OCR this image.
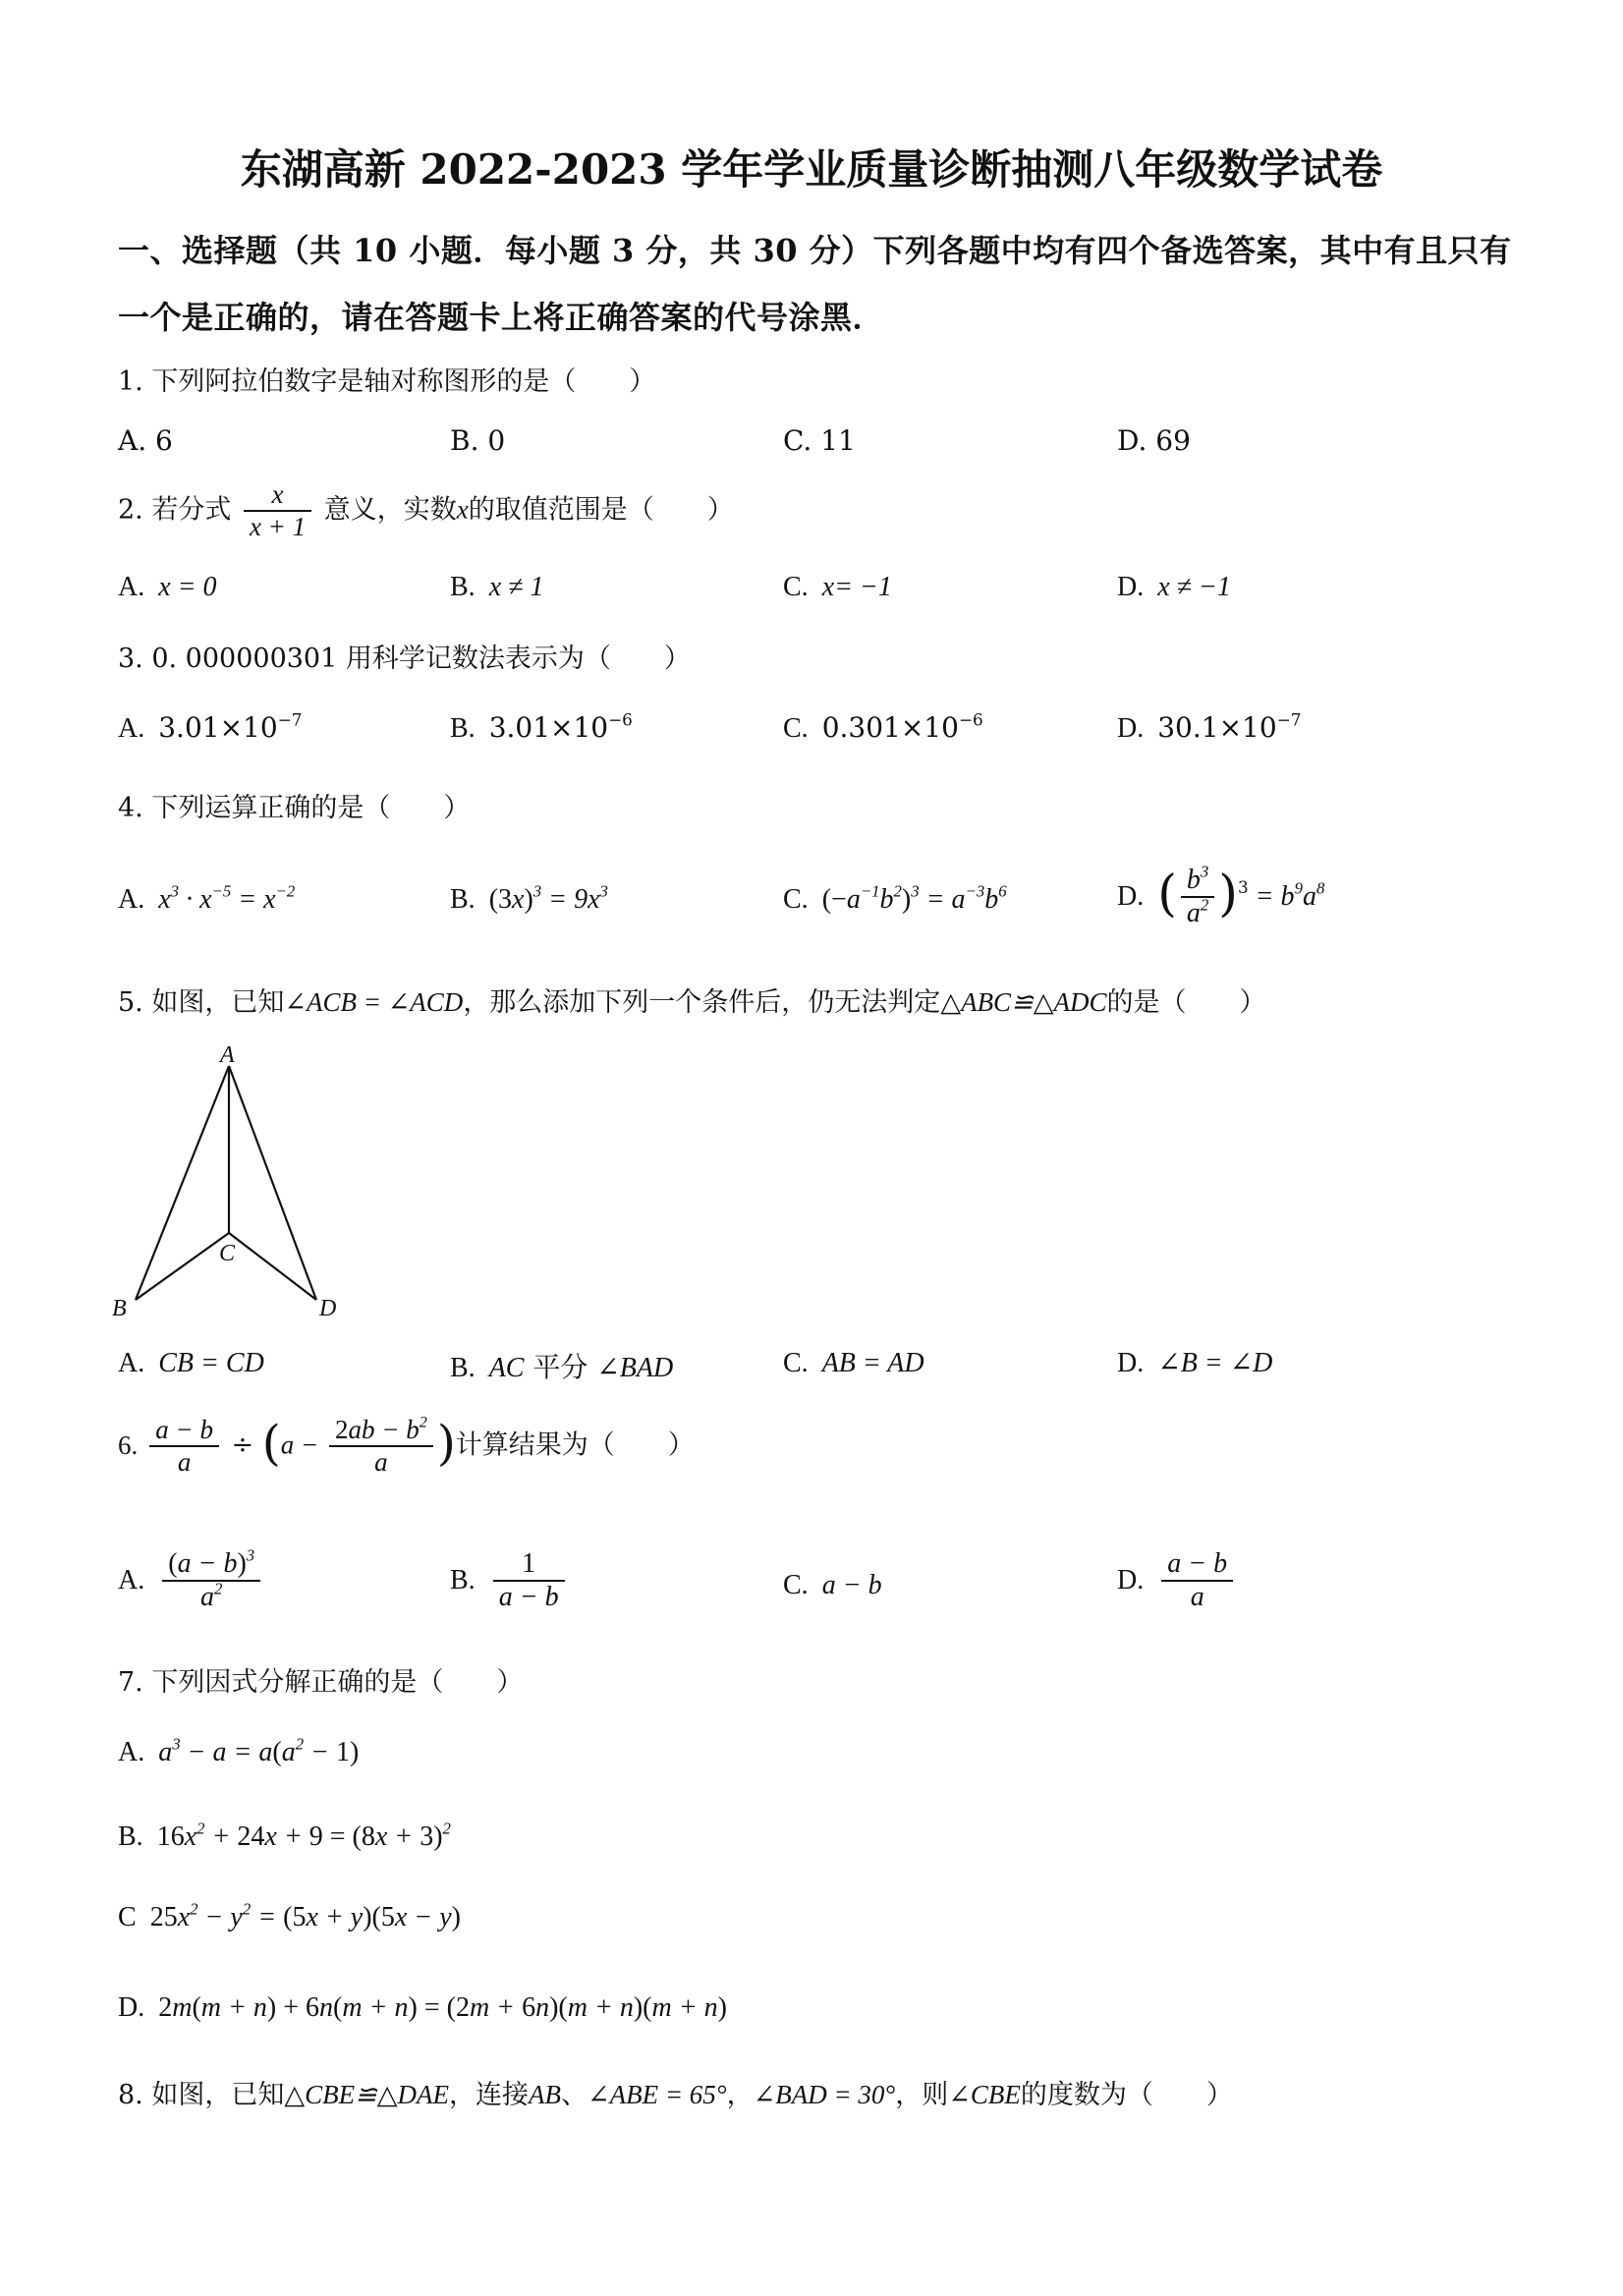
东湖高新 2022-2023 学年学业质量诊断抽测八年级数学试卷
一、选择题（共 10 小题．每小题 3 分，共 30 分）下列各题中均有四个备选答案，其中有且只有
一个是正确的，请在答题卡上将正确答案的代号涂黑．
1. 下列阿拉伯数字是轴对称图形的是（　　）
A. 6	B. 0	C. 11	D. 69
2. 若分式 $\frac{x}{x + 1}$ 意义，实数x的取值范围是（　　）
A. x = 0	B. x ≠ 1	C. x= −1	D. x ≠ −1
3. 0. 000000301 用科学记数法表示为（　　）
A. $3.01\times 10^{-7}$	B. $3.01\times 10^{-6}$	C. $0.301\times 10^{-6}$	D. $30.1\times 10^{-7}$
4. 下列运算正确的是（　　）
A. $x^3 \cdot x^{-5} = x^{-2}$	B. $(3x)^3 = 9x^3$	C. $(-a^{-1}b^2)^3 = a^{-3}b^6$	D. ( $\frac{b^3}{a^2} )^3 = b^9a^8$
5. 如图，已知∠ACB = ∠ACD，那么添加下列一个条件后，仍无法判定△ABC≌△ADC的是（　　）
A
B
C
D
A. CB = CD	B. AC 平分 ∠BAD	C. AB = AD	D. ∠B = ∠D
6. $\frac{a - b}{a} \div (a - \frac{2ab - b^2}{a}$ )计算结果为（　　）
A. $\frac{(a - b)^3}{a^2}$	B. $\frac{1}{a - b}$	C. a − b	D. $\frac{a - b}{a}$
7. 下列因式分解正确的是（　　）
A. $a^3 - a = a(a^2 - 1)$
B. $16x^2 + 24x + 9 = (8x + 3)^2$
C $25x^2 - y^2 = (5x + y)(5x - y)$
D. 2m(m + n) + 6n(m + n) = (2m + 6n)(m + n)(m + n)
8. 如图，已知△CBE≌△DAE，连接AB、∠ABE = 65°，∠BAD = 30°，则∠CBE的度数为（　　）
